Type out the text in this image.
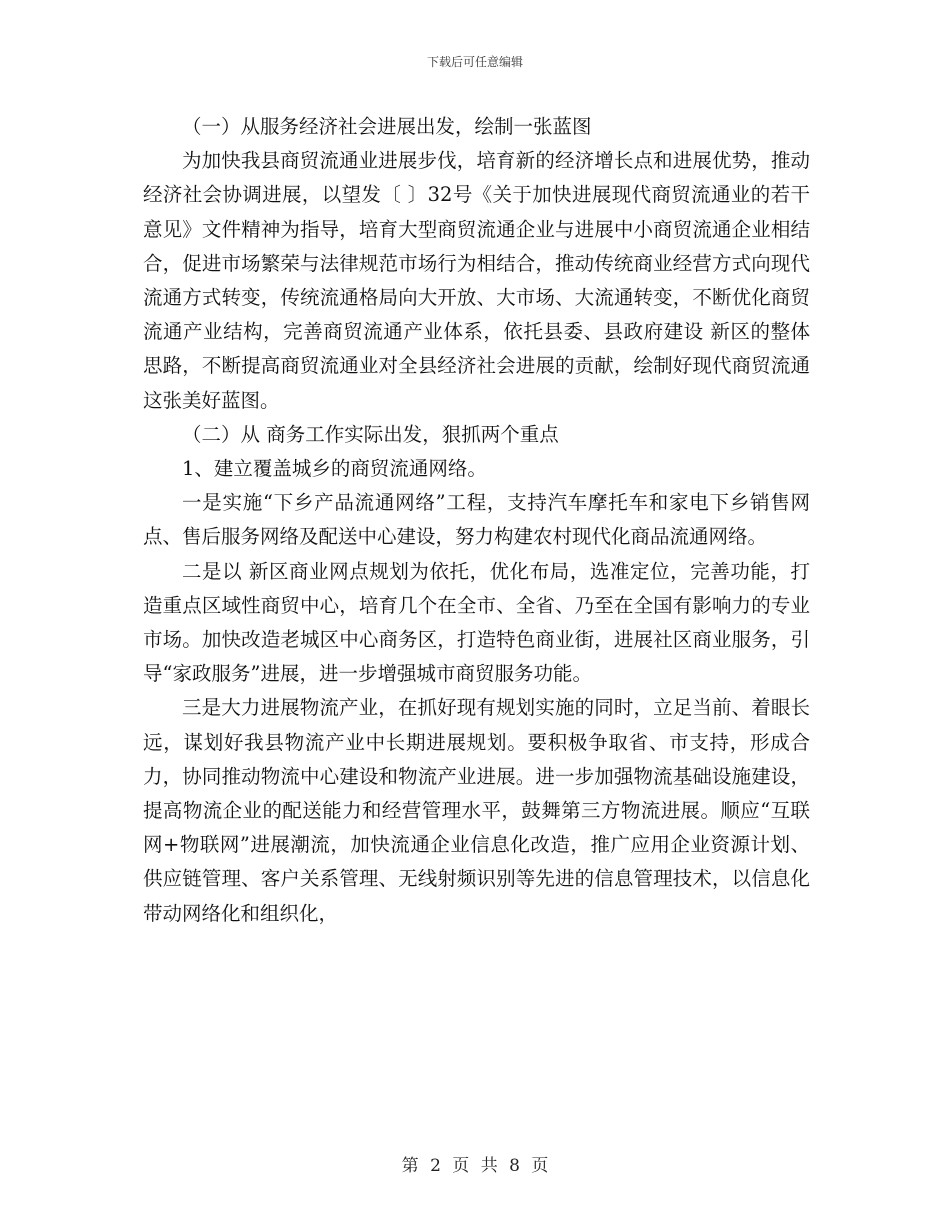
下载后可任意编辑

（一）从服务经济社会进展出发，绘制一张蓝图

为加快我县商贸流通业进展步伐，培育新的经济增长点和进展优势，推动经济社会协调进展，以望发〔 〕32号《关于加快进展现代商贸流通业的若干意见》文件精神为指导，培育大型商贸流通企业与进展中小商贸流通企业相结合，促进市场繁荣与法律规范市场行为相结合，推动传统商业经营方式向现代流通方式转变，传统流通格局向大开放、大市场、大流通转变，不断优化商贸流通产业结构，完善商贸流通产业体系，依托县委、县政府建设 新区的整体思路，不断提高商贸流通业对全县经济社会进展的贡献，绘制好现代商贸流通这张美好蓝图。

（二）从 商务工作实际出发，狠抓两个重点

1、建立覆盖城乡的商贸流通网络。

一是实施“下乡产品流通网络”工程，支持汽车摩托车和家电下乡销售网点、售后服务网络及配送中心建设，努力构建农村现代化商品流通网络。

二是以 新区商业网点规划为依托，优化布局，选准定位，完善功能，打造重点区域性商贸中心，培育几个在全市、全省、乃至在全国有影响力的专业市场。加快改造老城区中心商务区，打造特色商业街，进展社区商业服务，引导“家政服务”进展，进一步增强城市商贸服务功能。

三是大力进展物流产业，在抓好现有规划实施的同时，立足当前、着眼长远，谋划好我县物流产业中长期进展规划。要积极争取省、市支持，形成合力，协同推动物流中心建设和物流产业进展。进一步加强物流基础设施建设，提高物流企业的配送能力和经营管理水平，鼓舞第三方物流进展。顺应“互联网+物联网”进展潮流，加快流通企业信息化改造，推广应用企业资源计划、供应链管理、客户关系管理、无线射频识别等先进的信息管理技术，以信息化带动网络化和组织化，

第 2 页 共 8 页
